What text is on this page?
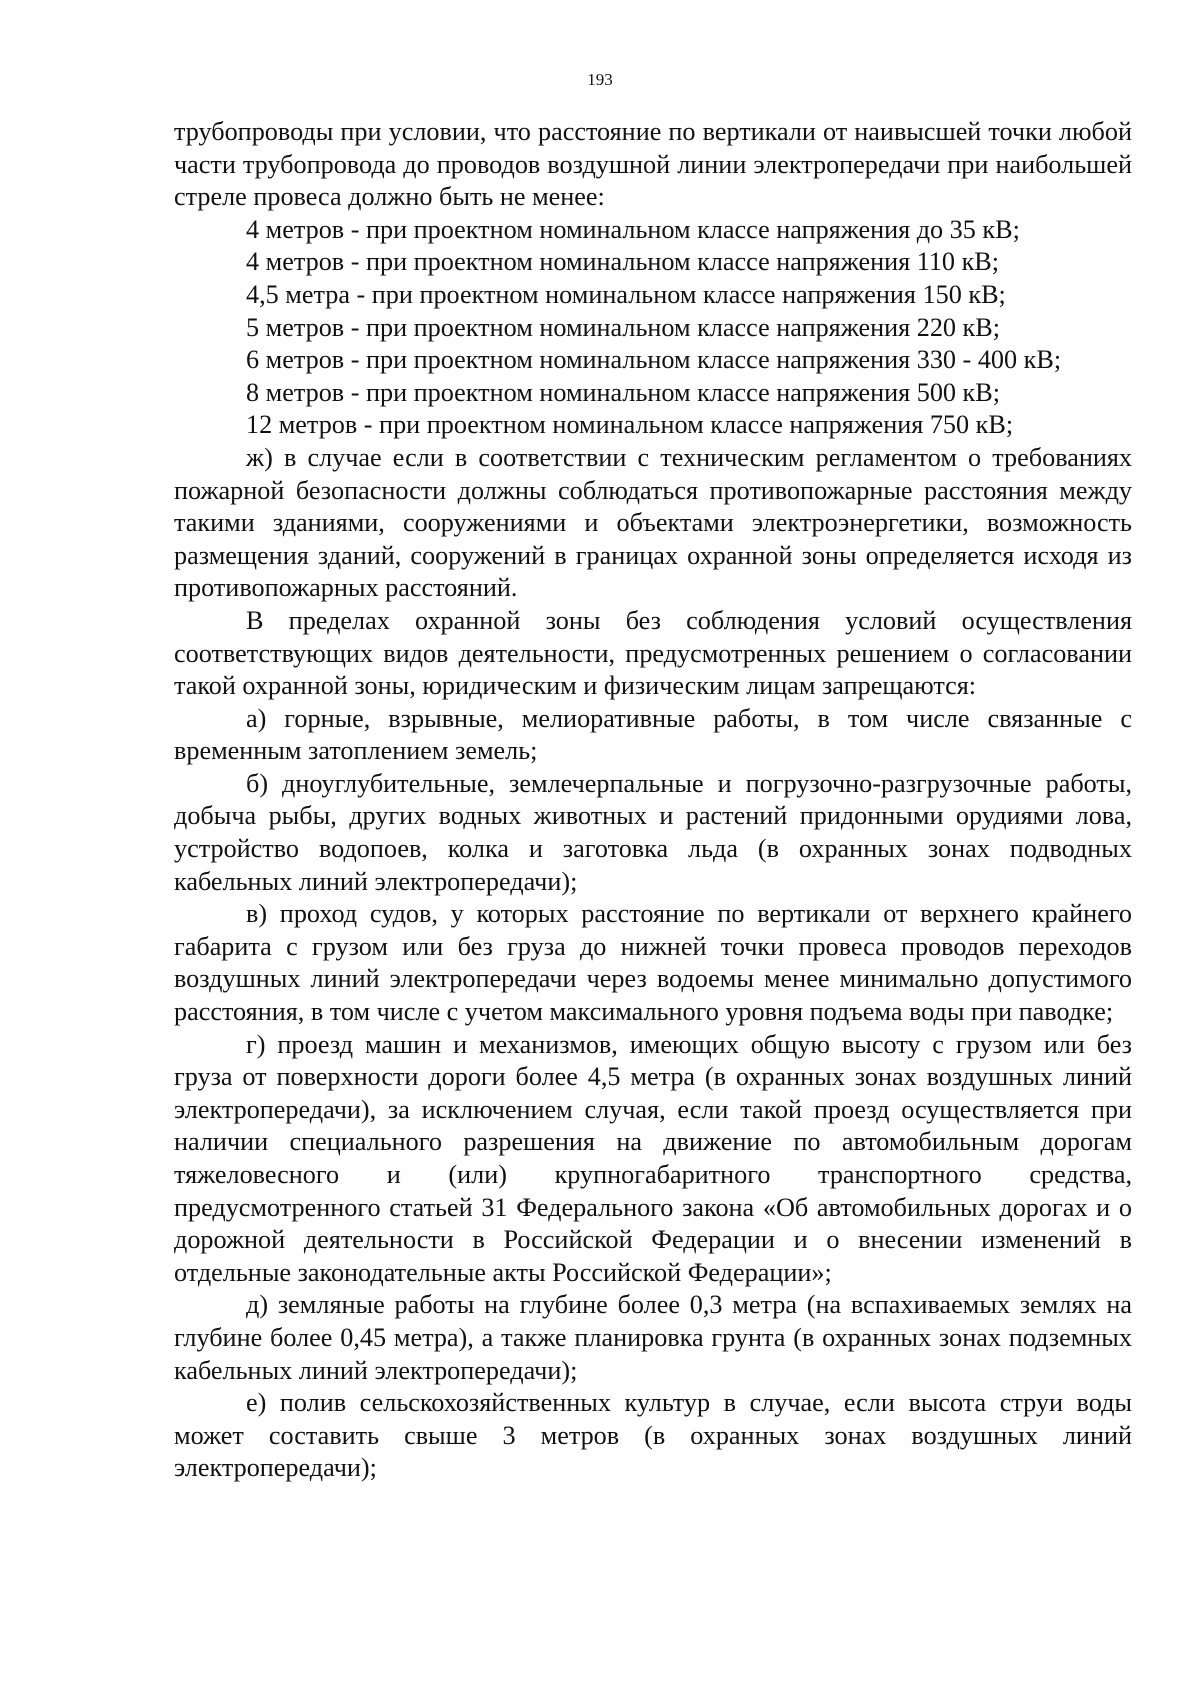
193

трубопроводы при условии, что расстояние по вертикали от наивысшей точки любой части трубопровода до проводов воздушной линии электропередачи при наибольшей стреле провеса должно быть не менее:

4 метров - при проектном номинальном классе напряжения до 35 кВ;

4 метров - при проектном номинальном классе напряжения 110 кВ;

4,5 метра - при проектном номинальном классе напряжения 150 кВ;

5 метров - при проектном номинальном классе напряжения 220 кВ;

6 метров - при проектном номинальном классе напряжения 330 - 400 кВ;

8 метров - при проектном номинальном классе напряжения 500 кВ;

12 метров - при проектном номинальном классе напряжения 750 кВ;

ж) в случае если в соответствии с техническим регламентом о требованиях пожарной безопасности должны соблюдаться противопожарные расстояния между такими зданиями, сооружениями и объектами электроэнергетики, возможность размещения зданий, сооружений в границах охранной зоны определяется исходя из противопожарных расстояний.

В пределах охранной зоны без соблюдения условий осуществления соответствующих видов деятельности, предусмотренных решением о согласовании такой охранной зоны, юридическим и физическим лицам запрещаются:

а) горные, взрывные, мелиоративные работы, в том числе связанные с временным затоплением земель;

б) дноуглубительные, землечерпальные и погрузочно-разгрузочные работы, добыча рыбы, других водных животных и растений придонными орудиями лова, устройство водопоев, колка и заготовка льда (в охранных зонах подводных кабельных линий электропередачи);

в) проход судов, у которых расстояние по вертикали от верхнего крайнего габарита с грузом или без груза до нижней точки провеса проводов переходов воздушных линий электропередачи через водоемы менее минимально допустимого расстояния, в том числе с учетом максимального уровня подъема воды при паводке;

г) проезд машин и механизмов, имеющих общую высоту с грузом или без груза от поверхности дороги более 4,5 метра (в охранных зонах воздушных линий электропередачи), за исключением случая, если такой проезд осуществляется при наличии специального разрешения на движение по автомобильным дорогам тяжеловесного и (или) крупногабаритного транспортного средства, предусмотренного статьей 31 Федерального закона «Об автомобильных дорогах и о дорожной деятельности в Российской Федерации и о внесении изменений в отдельные законодательные акты Российской Федерации»;

д) земляные работы на глубине более 0,3 метра (на вспахиваемых землях на глубине более 0,45 метра), а также планировка грунта (в охранных зонах подземных кабельных линий электропередачи);

е) полив сельскохозяйственных культур в случае, если высота струи воды может составить свыше 3 метров (в охранных зонах воздушных линий электропередачи);
